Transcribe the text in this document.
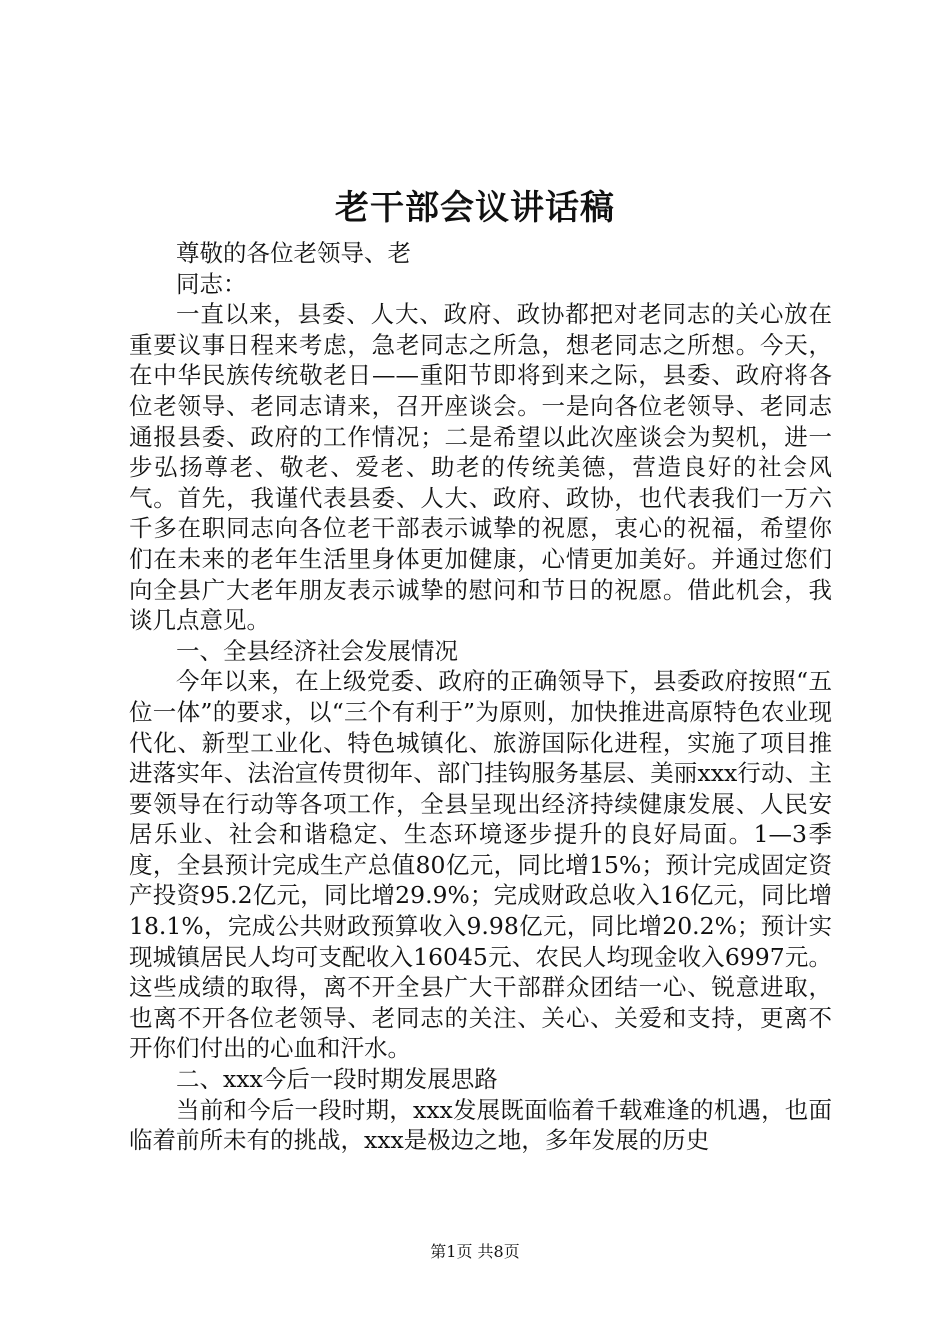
老干部会议讲话稿

尊敬的各位老领导、老

同志：

一直以来，县委、人大、政府、政协都把对老同志的关心放在重要议事日程来考虑，急老同志之所急，想老同志之所想。今天，在中华民族传统敬老日——重阳节即将到来之际，县委、政府将各位老领导、老同志请来，召开座谈会。一是向各位老领导、老同志通报县委、政府的工作情况；二是希望以此次座谈会为契机，进一步弘扬尊老、敬老、爱老、助老的传统美德，营造良好的社会风气。首先，我谨代表县委、人大、政府、政协，也代表我们一万六千多在职同志向各位老干部表示诚挚的祝愿，衷心的祝福，希望你们在未来的老年生活里身体更加健康，心情更加美好。并通过您们向全县广大老年朋友表示诚挚的慰问和节日的祝愿。借此机会，我谈几点意见。

一、全县经济社会发展情况

今年以来，在上级党委、政府的正确领导下，县委政府按照“五位一体”的要求，以“三个有利于”为原则，加快推进高原特色农业现代化、新型工业化、特色城镇化、旅游国际化进程，实施了项目推进落实年、法治宣传贯彻年、部门挂钩服务基层、美丽xxx行动、主要领导在行动等各项工作，全县呈现出经济持续健康发展、人民安居乐业、社会和谐稳定、生态环境逐步提升的良好局面。1—3季度，全县预计完成生产总值80亿元，同比增15%；预计完成固定资产投资95.2亿元，同比增29.9%；完成财政总收入16亿元，同比增18.1%，完成公共财政预算收入9.98亿元，同比增20.2%；预计实现城镇居民人均可支配收入16045元、农民人均现金收入6997元。这些成绩的取得，离不开全县广大干部群众团结一心、锐意进取，也离不开各位老领导、老同志的关注、关心、关爱和支持，更离不开你们付出的心血和汗水。

二、xxx今后一段时期发展思路

当前和今后一段时期，xxx发展既面临着千载难逢的机遇，也面临着前所未有的挑战，xxx是极边之地，多年发展的历史

第1页 共8页
